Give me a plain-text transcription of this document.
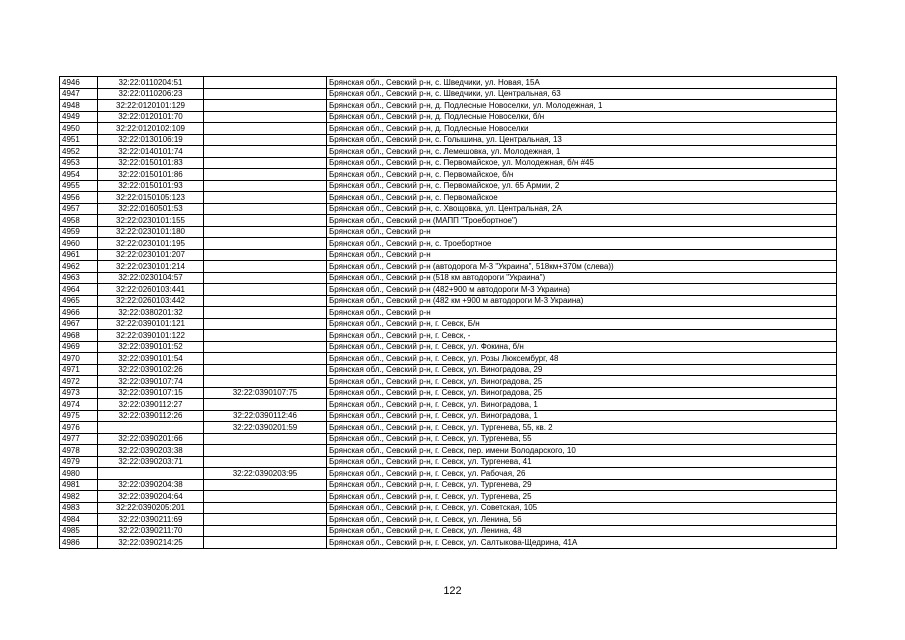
4946	32:22:0110204:51		Брянская обл., Севский р-н, с. Шведчики, ул. Новая, 15А
4947	32:22:0110206:23		Брянская обл., Севский р-н, с. Шведчики, ул. Центральная, 63
4948	32:22:0120101:129		Брянская обл., Севский р-н, д. Подлесные Новоселки, ул. Молодежная, 1
4949	32:22:0120101:70		Брянская обл., Севский р-н, д. Подлесные Новоселки, б/н
4950	32:22:0120102:109		Брянская обл., Севский р-н, д. Подлесные Новоселки
4951	32:22:0130106:19		Брянская обл., Севский р-н, с. Голышина, ул. Центральная, 13
4952	32:22:0140101:74		Брянская обл., Севский р-н, с. Лемешовка, ул. Молодежная, 1
4953	32:22:0150101:83		Брянская обл., Севский р-н, с. Первомайское, ул. Молодежная, б/н #45
4954	32:22:0150101:86		Брянская обл., Севский р-н, с. Первомайское, б/н
4955	32:22:0150101:93		Брянская обл., Севский р-н, с. Первомайское, ул. 65 Армии, 2
4956	32:22:0150105:123		Брянская обл., Севский р-н, с. Первомайское
4957	32:22:0160501:53		Брянская обл., Севский р-н, с. Хвощовка, ул. Центральная, 2А
4958	32:22:0230101:155		Брянская обл., Севский р-н (МАПП "Троебортное")
4959	32:22:0230101:180		Брянская обл., Севский р-н
4960	32:22:0230101:195		Брянская обл., Севский р-н, с. Троебортное
4961	32:22:0230101:207		Брянская обл., Севский р-н
4962	32:22:0230101:214		Брянская обл., Севский р-н (автодорога М-3 "Украина", 518км+370м (слева))
4963	32:22:0230104:57		Брянская обл., Севский р-н (518 км автодороги "Украина")
4964	32:22:0260103:441		Брянская обл., Севский р-н (482+900 м автодороги М-3 Украина)
4965	32:22:0260103:442		Брянская обл., Севский р-н (482 км +900 м автодороги М-3 Украина)
4966	32:22:0380201:32		Брянская обл., Севский р-н
4967	32:22:0390101:121		Брянская обл., Севский р-н, г. Севск, Б/н
4968	32:22:0390101:122		Брянская обл., Севский р-н, г. Севск, -
4969	32:22:0390101:52		Брянская обл., Севский р-н, г. Севск, ул. Фокина, б/н
4970	32:22:0390101:54		Брянская обл., Севский р-н, г. Севск, ул. Розы Люксембург, 48
4971	32:22:0390102:26		Брянская обл., Севский р-н, г. Севск, ул. Виноградова, 29
4972	32:22:0390107:74		Брянская обл., Севский р-н, г. Севск, ул. Виноградова, 25
4973	32:22:0390107:15	32:22:0390107:75	Брянская обл., Севский р-н, г. Севск, ул. Виноградова, 25
4974	32:22:0390112:27		Брянская обл., Севский р-н, г. Севск, ул. Виноградова, 1
4975	32:22:0390112:26	32:22:0390112:46	Брянская обл., Севский р-н, г. Севск, ул. Виноградова, 1
4976		32:22:0390201:59	Брянская обл., Севский р-н, г. Севск, ул. Тургенева, 55, кв. 2
4977	32:22:0390201:66		Брянская обл., Севский р-н, г. Севск, ул. Тургенева, 55
4978	32:22:0390203:38		Брянская обл., Севский р-н, г. Севск, пер. имени Володарского, 10
4979	32:22:0390203:71		Брянская обл., Севский р-н, г. Севск, ул. Тургенева, 41
4980		32:22:0390203:95	Брянская обл., Севский р-н, г. Севск, ул. Рабочая, 26
4981	32:22:0390204:38		Брянская обл., Севский р-н, г. Севск, ул. Тургенева, 29
4982	32:22:0390204:64		Брянская обл., Севский р-н, г. Севск, ул. Тургенева, 25
4983	32:22:0390205:201		Брянская обл., Севский р-н, г. Севск, ул. Советская, 105
4984	32:22:0390211:69		Брянская обл., Севский р-н, г. Севск, ул. Ленина, 56
4985	32:22:0390211:70		Брянская обл., Севский р-н, г. Севск, ул. Ленина, 48
4986	32:22:0390214:25		Брянская обл., Севский р-н, г. Севск, ул. Салтыкова-Щедрина, 41А
122
